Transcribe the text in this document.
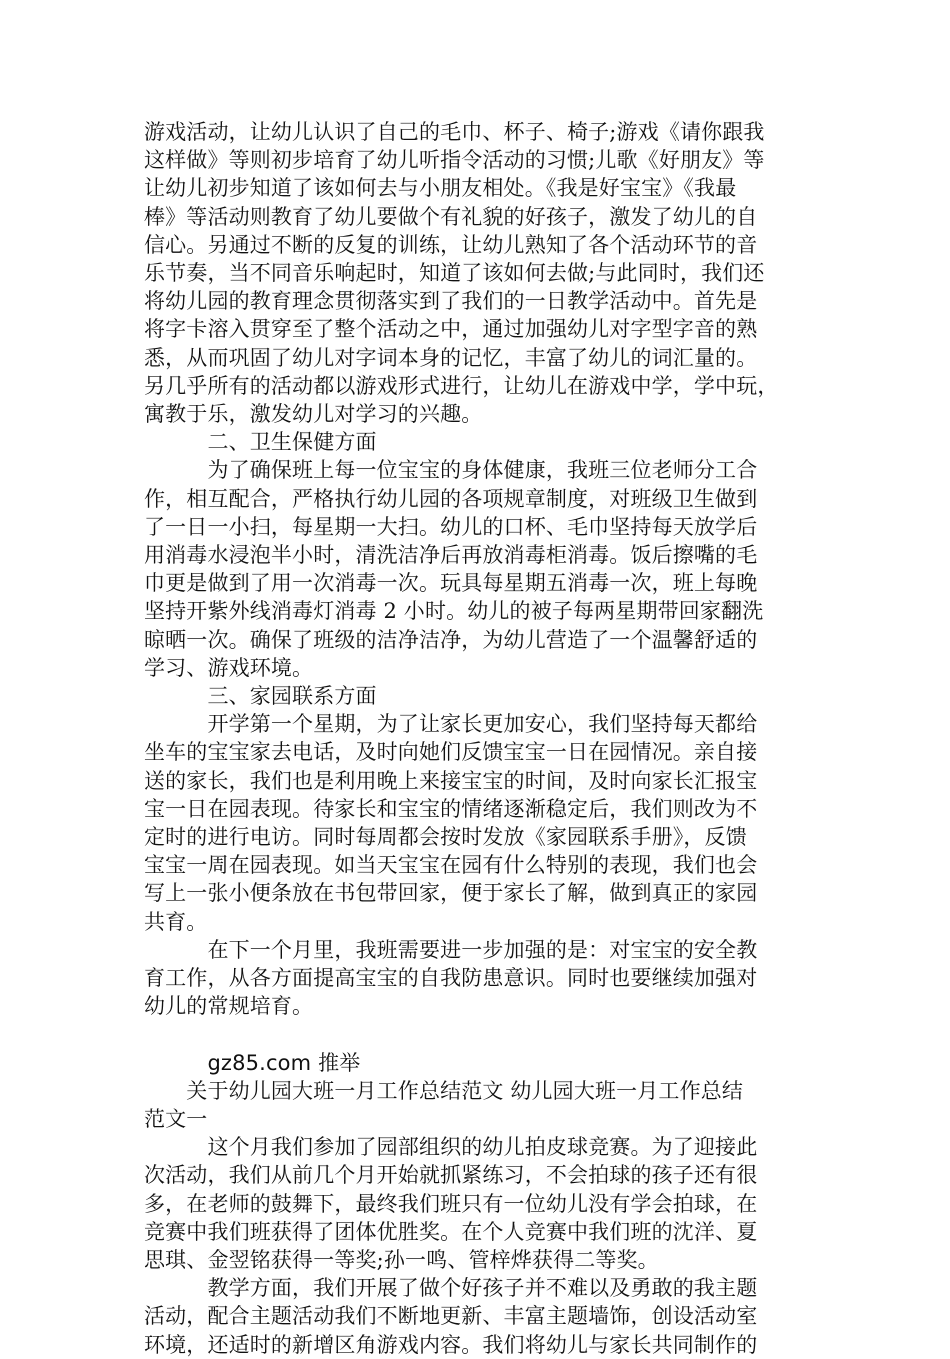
游戏活动，让幼儿认识了自己的毛巾、杯子、椅子;游戏《请你跟我
这样做》等则初步培育了幼儿听指令活动的习惯;儿歌《好朋友》等
让幼儿初步知道了该如何去与小朋友相处。《我是好宝宝》《我最
棒》等活动则教育了幼儿要做个有礼貌的好孩子，激发了幼儿的自
信心。另通过不断的反复的训练，让幼儿熟知了各个活动环节的音
乐节奏，当不同音乐响起时，知道了该如何去做;与此同时，我们还
将幼儿园的教育理念贯彻落实到了我们的一日教学活动中。首先是
将字卡溶入贯穿至了整个活动之中，通过加强幼儿对字型字音的熟
悉，从而巩固了幼儿对字词本身的记忆，丰富了幼儿的词汇量的。
另几乎所有的活动都以游戏形式进行，让幼儿在游戏中学，学中玩，
寓教于乐，激发幼儿对学习的兴趣。
　　　二、卫生保健方面
　　　为了确保班上每一位宝宝的身体健康，我班三位老师分工合
作，相互配合，严格执行幼儿园的各项规章制度，对班级卫生做到
了一日一小扫，每星期一大扫。幼儿的口杯、毛巾坚持每天放学后
用消毒水浸泡半小时，清洗洁净后再放消毒柜消毒。饭后擦嘴的毛
巾更是做到了用一次消毒一次。玩具每星期五消毒一次，班上每晚
坚持开紫外线消毒灯消毒 2 小时。幼儿的被子每两星期带回家翻洗
晾晒一次。确保了班级的洁净洁净，为幼儿营造了一个温馨舒适的
学习、游戏环境。
　　　三、家园联系方面
　　　开学第一个星期，为了让家长更加安心，我们坚持每天都给
坐车的宝宝家去电话，及时向她们反馈宝宝一日在园情况。亲自接
送的家长，我们也是利用晚上来接宝宝的时间，及时向家长汇报宝
宝一日在园表现。待家长和宝宝的情绪逐渐稳定后，我们则改为不
定时的进行电访。同时每周都会按时发放《家园联系手册》，反馈
宝宝一周在园表现。如当天宝宝在园有什么特别的表现，我们也会
写上一张小便条放在书包带回家，便于家长了解，做到真正的家园
共育。
　　　在下一个月里，我班需要进一步加强的是：对宝宝的安全教
育工作，从各方面提高宝宝的自我防患意识。同时也要继续加强对
幼儿的常规培育。
　　　gz85.com 推举
　　关于幼儿园大班一月工作总结范文 幼儿园大班一月工作总结
范文一
　　　这个月我们参加了园部组织的幼儿拍皮球竞赛。为了迎接此
次活动，我们从前几个月开始就抓紧练习，不会拍球的孩子还有很
多，在老师的鼓舞下，最终我们班只有一位幼儿没有学会拍球，在
竞赛中我们班获得了团体优胜奖。在个人竞赛中我们班的沈洋、夏
思琪、金翌铭获得一等奖;孙一鸣、管梓烨获得二等奖。
　　　教学方面，我们开展了做个好孩子并不难以及勇敢的我主题
活动，配合主题活动我们不断地更新、丰富主题墙饰，创设活动室
环境，还适时的新增区角游戏内容。我们将幼儿与家长共同制作的
